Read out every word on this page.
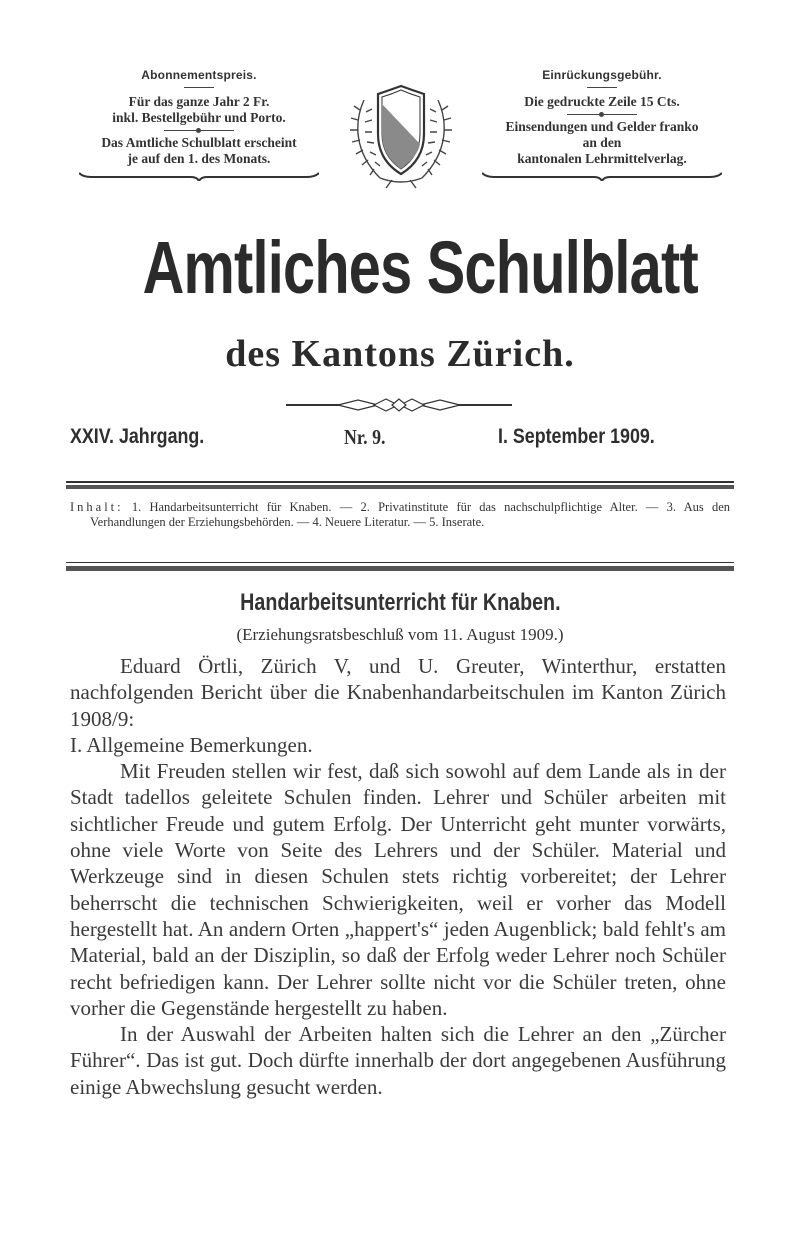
Abonnementspreis.
Für das ganze Jahr 2 Fr.
inkl. Bestellgebühr und Porto.
Das Amtliche Schulblatt erscheint
je auf den 1. des Monats.
Einrückungsgebühr.
Die gedruckte Zeile 15 Cts.
Einsendungen und Gelder franko
an den
kantonalen Lehrmittelverlag.
Amtliches Schulblatt
des Kantons Zürich.
XXIV. Jahrgang.	Nr. 9.	I. September 1909.

Inhalt: 1. Handarbeitsunterricht für Knaben. — 2. Privatinstitute für das nachschulpflichtige Alter. — 3. Aus den Verhandlungen der Erziehungsbehörden. — 4. Neuere Literatur. — 5. Inserate.

Handarbeitsunterricht für Knaben.
(Erziehungsratsbeschluß vom 11. August 1909.)

Eduard Örtli, Zürich V, und U. Greuter, Winterthur, erstatten nachfolgenden Bericht über die Knabenhandarbeitschulen im Kanton Zürich 1908/9:

I. Allgemeine Bemerkungen.

Mit Freuden stellen wir fest, daß sich sowohl auf dem Lande als in der Stadt tadellos geleitete Schulen finden. Lehrer und Schüler arbeiten mit sichtlicher Freude und gutem Erfolg. Der Unterricht geht munter vorwärts, ohne viele Worte von Seite des Lehrers und der Schüler. Material und Werkzeuge sind in diesen Schulen stets richtig vorbereitet; der Lehrer beherrscht die technischen Schwierigkeiten, weil er vorher das Modell hergestellt hat. An andern Orten „happert's“ jeden Augenblick; bald fehlt's am Material, bald an der Disziplin, so daß der Erfolg weder Lehrer noch Schüler recht befriedigen kann. Der Lehrer sollte nicht vor die Schüler treten, ohne vorher die Gegenstände hergestellt zu haben.

In der Auswahl der Arbeiten halten sich die Lehrer an den „Zürcher Führer“. Das ist gut. Doch dürfte innerhalb der dort angegebenen Ausführung einige Abwechslung gesucht werden.
